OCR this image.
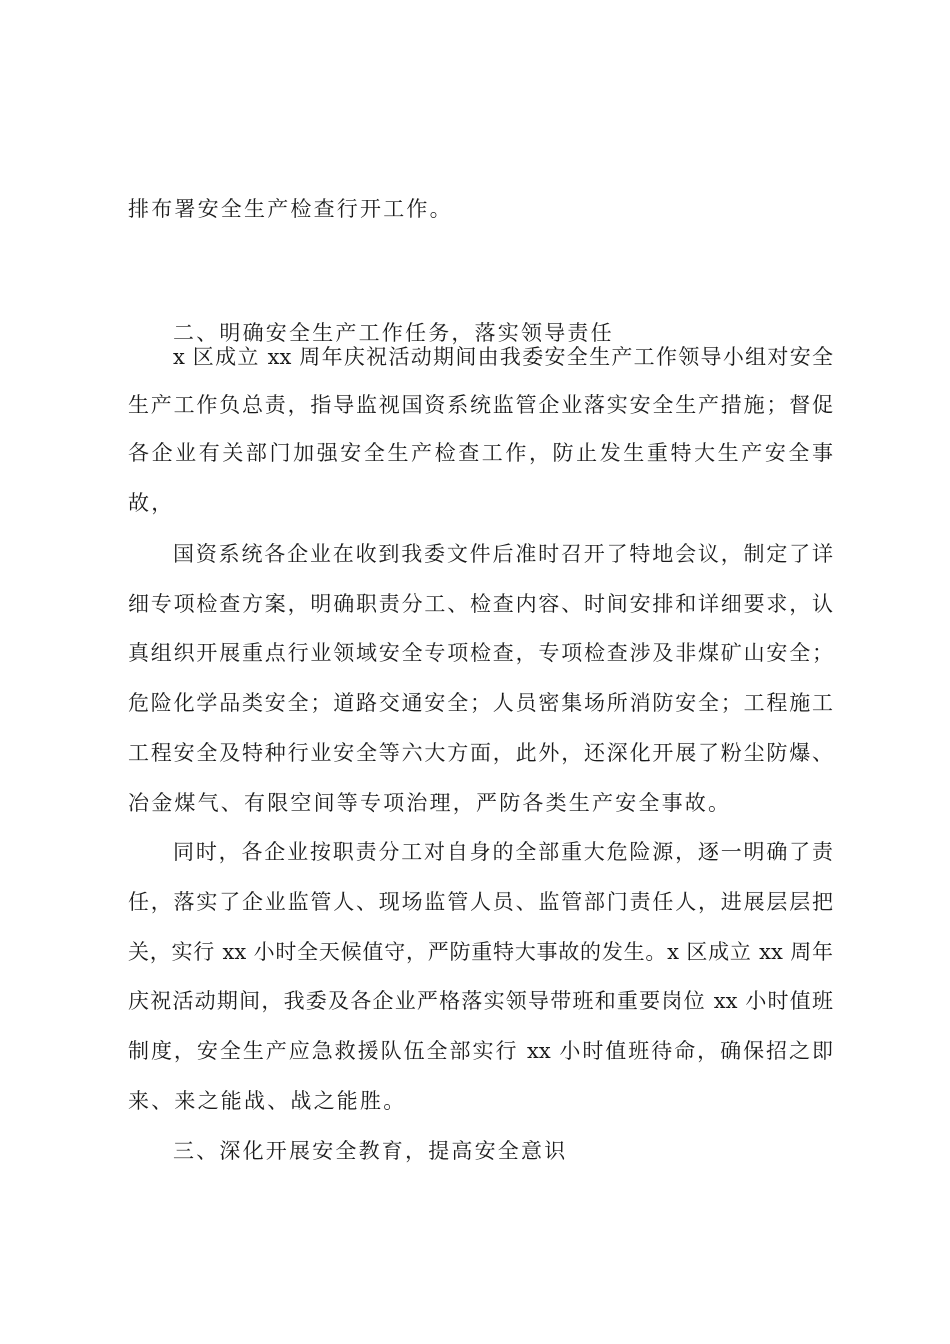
排布署安全生产检查行开工作。
二、明确安全生产工作任务，落实领导责任
x 区成立 xx 周年庆祝活动期间由我委安全生产工作领导小组对安全
生产工作负总责，指导监视国资系统监管企业落实安全生产措施；督促
各企业有关部门加强安全生产检查工作，防止发生重特大生产安全事
故，
国资系统各企业在收到我委文件后准时召开了特地会议，制定了详
细专项检查方案，明确职责分工、检查内容、时间安排和详细要求，认
真组织开展重点行业领域安全专项检查，专项检查涉及非煤矿山安全；
危险化学品类安全；道路交通安全；人员密集场所消防安全；工程施工
工程安全及特种行业安全等六大方面，此外，还深化开展了粉尘防爆、
冶金煤气、有限空间等专项治理，严防各类生产安全事故。
同时，各企业按职责分工对自身的全部重大危险源，逐一明确了责
任，落实了企业监管人、现场监管人员、监管部门责任人，进展层层把
关，实行 xx 小时全天候值守，严防重特大事故的发生。x 区成立 xx 周年
庆祝活动期间，我委及各企业严格落实领导带班和重要岗位 xx 小时值班
制度，安全生产应急救援队伍全部实行 xx 小时值班待命，确保招之即
来、来之能战、战之能胜。
三、深化开展安全教育，提高安全意识
